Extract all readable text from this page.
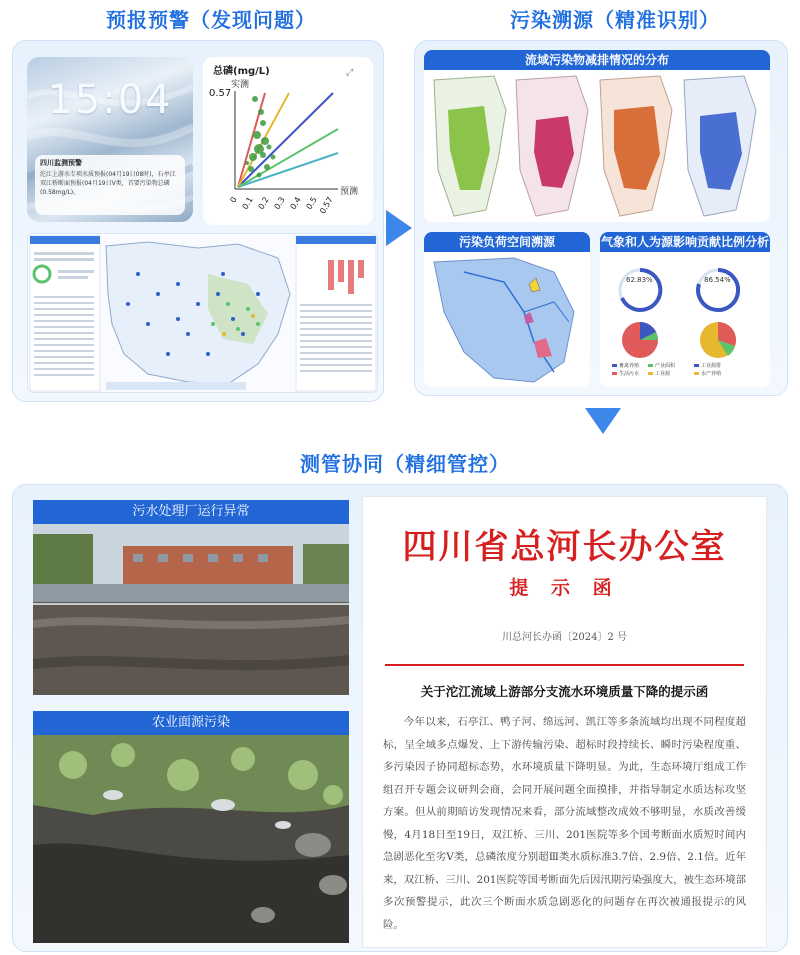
预报预警（发现问题）	污染溯源（精准识别）
测管协同（精细管控）
15:04
四川监测预警
沱江上游水专项水质预报(04月19日08时)，石亭江双江桥断面预报(04月19日V类，首要污染物总磷(0.58mg/L)。
总磷(mg/L)
0.57
实测
预测
⤢
0 0.1 0.2 0.3 0.4 0.5 0.57
流域污染物减排情况的分布
污染负荷空间溯源	气象和人为源影响贡献比例分析
62.83%	86.54%
畜禽养殖	产业面积
生活污水	工业源
工业源排
水产养殖
污水处理厂运行异常
农业面源污染
四川省总河长办公室
提 示 函
川总河长办函〔2024〕2 号
关于沱江流域上游部分支流水环境质量下降的提示函
今年以来，石亭江、鸭子河、绵远河、凯江等多条流域均出现不同程度超标，呈全域多点爆发、上下游传输污染、超标时段持续长、瞬时污染程度重、多污染因子协同超标态势，水环境质量下降明显。为此，生态环境厅组成工作组召开专题会议研判会商，会同开展问题全面摸排，并指导制定水质达标攻坚方案。但从前期暗访发现情况来看，部分流域整改成效不够明显，水质改善缓慢，4月18日至19日，双江桥、三川、201医院等多个国考断面水质短时间内急剧恶化至劣V类，总磷浓度分别超Ⅲ类水质标准3.7倍、2.9倍、2.1倍。近年来，双江桥、三川、201医院等国考断面先后因汛期污染强度大，被生态环境部多次预警提示，此次三个断面水质急剧恶化的问题存在再次被通报提示的风险。
